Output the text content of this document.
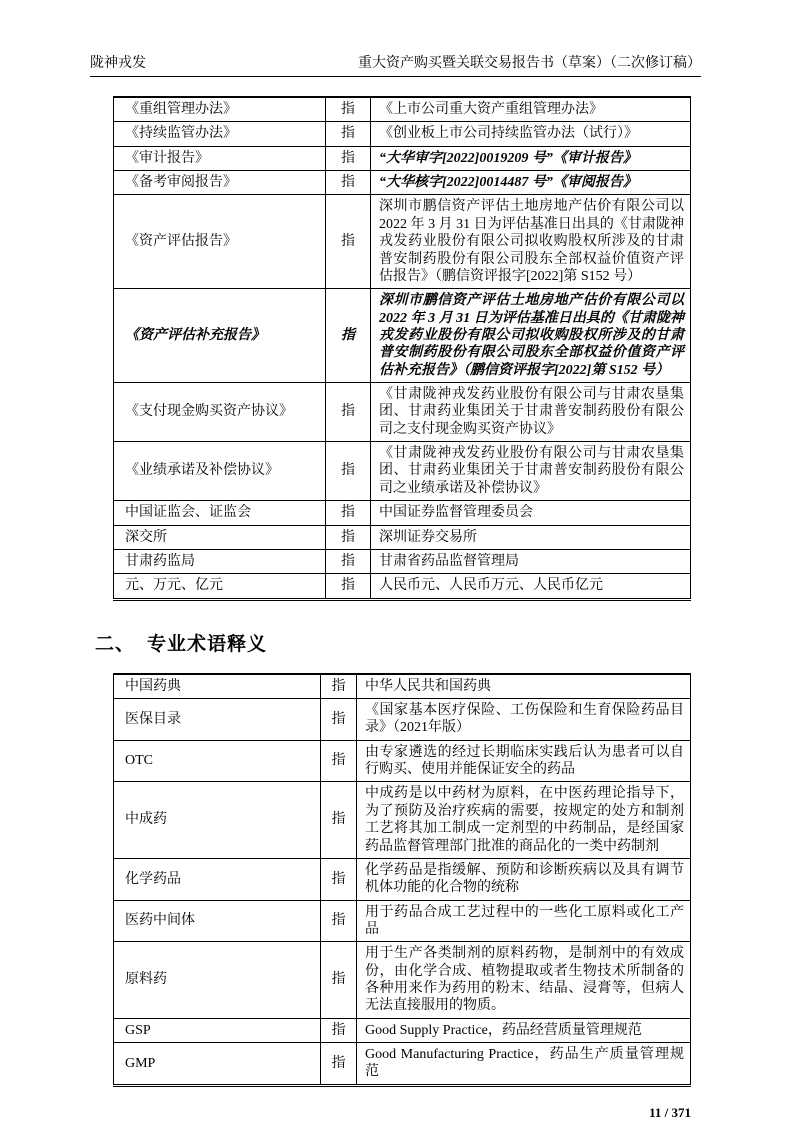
陇神戎发	重大资产购买暨关联交易报告书（草案）（二次修订稿）
《重组管理办法》	指	《上市公司重大资产重组管理办法》
《持续监管办法》	指	《创业板上市公司持续监管办法（试行）》
《审计报告》	指	“大华审字[2022]0019209 号”《审计报告》
《备考审阅报告》	指	“大华核字[2022]0014487 号”《审阅报告》
《资产评估报告》	指	深圳市鹏信资产评估土地房地产估价有限公司以 2022 年 3 月 31 日为评估基准日出具的《甘肃陇神戎发药业股份有限公司拟收购股权所涉及的甘肃普安制药股份有限公司股东全部权益价值资产评估报告》（鹏信资评报字[2022]第 S152 号）
《资产评估补充报告》	指	深圳市鹏信资产评估土地房地产估价有限公司以 2022 年 3 月 31 日为评估基准日出具的《甘肃陇神戎发药业股份有限公司拟收购股权所涉及的甘肃普安制药股份有限公司股东全部权益价值资产评估补充报告》（鹏信资评报字[2022]第 S152 号）
《支付现金购买资产协议》	指	《甘肃陇神戎发药业股份有限公司与甘肃农垦集团、甘肃药业集团关于甘肃普安制药股份有限公司之支付现金购买资产协议》
《业绩承诺及补偿协议》	指	《甘肃陇神戎发药业股份有限公司与甘肃农垦集团、甘肃药业集团关于甘肃普安制药股份有限公司之业绩承诺及补偿协议》
中国证监会、证监会	指	中国证券监督管理委员会
深交所	指	深圳证券交易所
甘肃药监局	指	甘肃省药品监督管理局
元、万元、亿元	指	人民币元、人民币万元、人民币亿元
二、 专业术语释义
中国药典	指	中华人民共和国药典
医保目录	指	《国家基本医疗保险、工伤保险和生育保险药品目录》（2021年版）
OTC	指	由专家遴选的经过长期临床实践后认为患者可以自行购买、使用并能保证安全的药品
中成药	指	中成药是以中药材为原料，在中医药理论指导下，为了预防及治疗疾病的需要，按规定的处方和制剂工艺将其加工制成一定剂型的中药制品，是经国家药品监督管理部门批准的商品化的一类中药制剂
化学药品	指	化学药品是指缓解、预防和诊断疾病以及具有调节机体功能的化合物的统称
医药中间体	指	用于药品合成工艺过程中的一些化工原料或化工产品
原料药	指	用于生产各类制剂的原料药物，是制剂中的有效成份，由化学合成、植物提取或者生物技术所制备的各种用来作为药用的粉末、结晶、浸膏等，但病人无法直接服用的物质。
GSP	指	Good Supply Practice，药品经营质量管理规范
GMP	指	Good Manufacturing Practice，药品生产质量管理规范
11 / 371
